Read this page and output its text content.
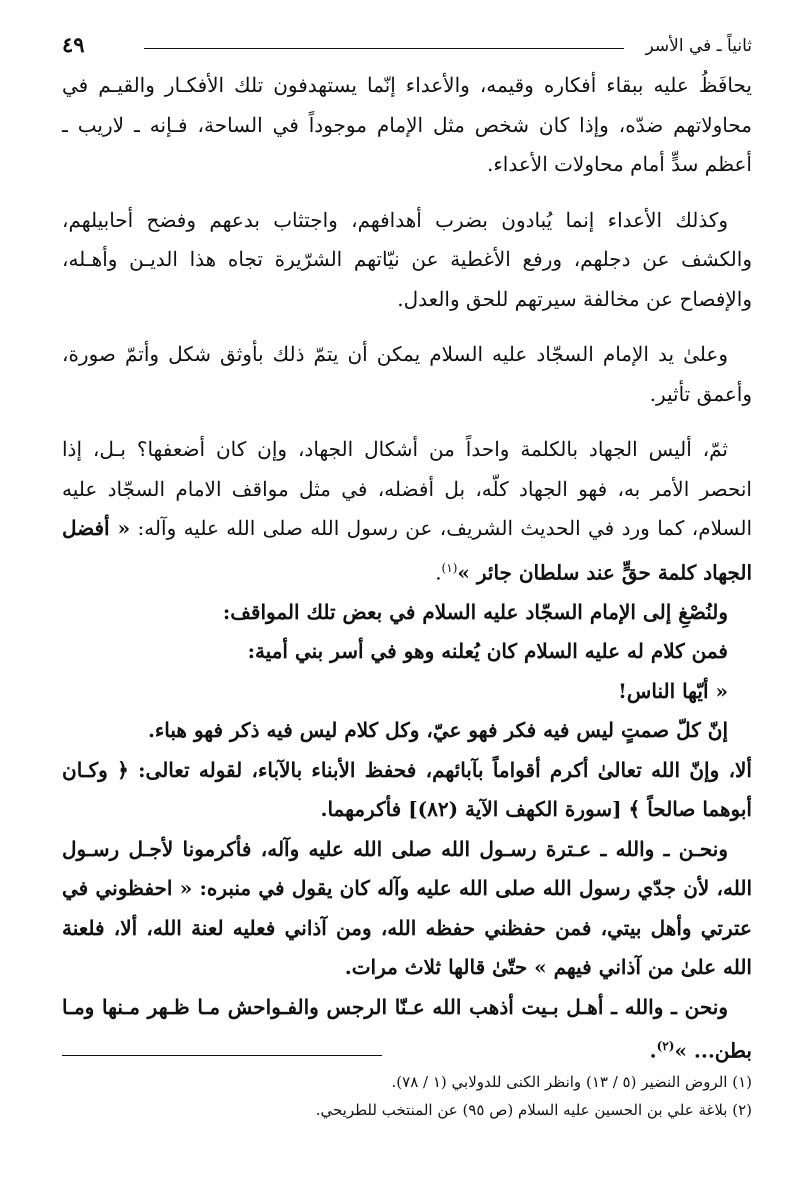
ثانياً ـ في الأسر
٤٩

يحافَظُ عليه ببقاء أفكاره وقيمه، والأعداء إنّما يستهدفون تلك الأفكـار والقيـم في محاولاتهم ضدّه، وإذا كان شخص مثل الإمام موجوداً في الساحة، فـإنه ـ لاريب ـ أعظم سدٍّ أمام محاولات الأعداء.

وكذلك الأعداء إنما يُبادون بضرب أهدافهم، واجتثاب بدعهم وفضح أحابيلهم، والكشف عن دجلهم، ورفع الأغطية عن نيّاتهم الشرّيرة تجاه هذا الديـن وأهـله، والإفصاح عن مخالفة سيرتهم للحق والعدل.

وعلىٰ يد الإمام السجّاد عليه السلام يمكن أن يتمّ ذلك بأوثق شكل وأتمّ صورة، وأعمق تأثير.

ثمّ، أليس الجهاد بالكلمة واحداً من أشكال الجهاد، وإن كان أضعفها؟ بـل، إذا انحصر الأمر به، فهو الجهاد كلّه، بل أفضله، في مثل مواقف الامام السجّاد عليه السلام، كما ورد في الحديث الشريف، عن رسول الله صلى الله عليه وآله: « أفضل الجهاد كلمة حقٍّ عند سلطان جائر »$^{(١)}$.

ولنُصْغِ إلى الإمام السجّاد عليه السلام في بعض تلك المواقف:

فمن كلام له عليه السلام كان يُعلنه وهو في أسر بني أمية:

« أيّها الناس!

إنّ كلّ صمتٍ ليس فيه فكر فهو عيّ، وكل كلام ليس فيه ذكر فهو هباء.

ألا، وإنّ الله تعالىٰ أكرم أقواماً بآبائهم، فحفظ الأبناء بالآباء، لقوله تعالى: ﴿ وكـان أبوهما صالحاً ﴾ [سورة الكهف الآية (٨٢)] فأكرمهما.

ونحـن ـ والله ـ عـترة رسـول الله صلى الله عليه وآله، فأكرمونا لأجـل رسـول الله، لأن جدّي رسول الله صلى الله عليه وآله كان يقول في منبره: « احفظوني في عترتي وأهل بيتي، فمن حفظني حفظه الله، ومن آذاني فعليه لعنة الله، ألا، فلعنة الله علىٰ من آذاني فيهم » حتّىٰ قالها ثلاث مرات.

ونحن ـ والله ـ أهـل بـيت أذهب الله عـنّا الرجس والفـواحش مـا ظـهر مـنها ومـا بطن... »$^{(٢)}$.

(١) الروض النضير (٥ / ١٣) وانظر الكنى للدولابي (١ / ٧٨).

(٢) بلاغة علي بن الحسين عليه السلام (ص ٩٥) عن المنتخب للطريحي.
